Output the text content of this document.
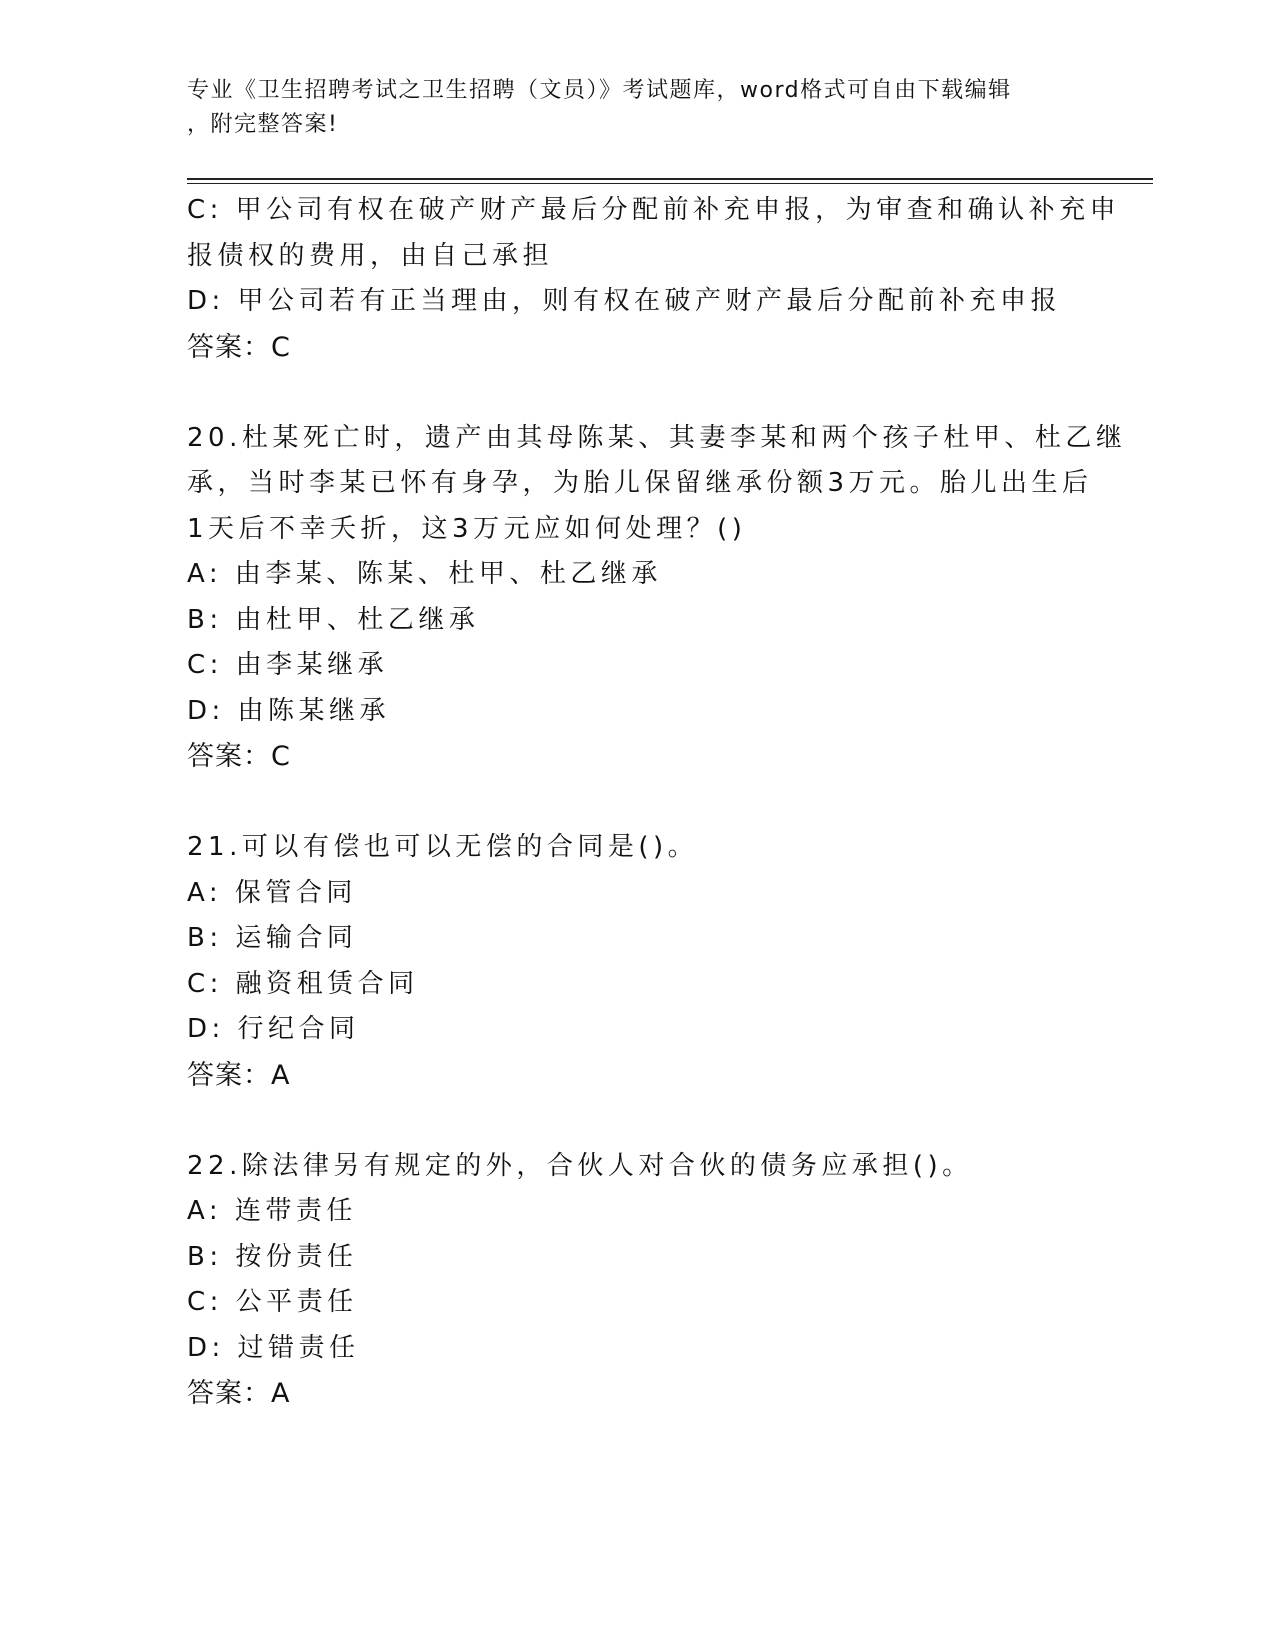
专业《卫生招聘考试之卫生招聘（文员）》考试题库，word格式可自由下载编辑
，附完整答案!
C: 甲公司有权在破产财产最后分配前补充申报，为审查和确认补充申
报债权的费用，由自己承担
D: 甲公司若有正当理由，则有权在破产财产最后分配前补充申报
答案：C
20.杜某死亡时，遗产由其母陈某、其妻李某和两个孩子杜甲、杜乙继
承，当时李某已怀有身孕，为胎儿保留继承份额3万元。胎儿出生后
1天后不幸夭折，这3万元应如何处理？()
A: 由李某、陈某、杜甲、杜乙继承
B: 由杜甲、杜乙继承
C: 由李某继承
D: 由陈某继承
答案：C
21.可以有偿也可以无偿的合同是()。
A: 保管合同
B: 运输合同
C: 融资租赁合同
D: 行纪合同
答案：A
22.除法律另有规定的外，合伙人对合伙的债务应承担()。
A: 连带责任
B: 按份责任
C: 公平责任
D: 过错责任
答案：A
